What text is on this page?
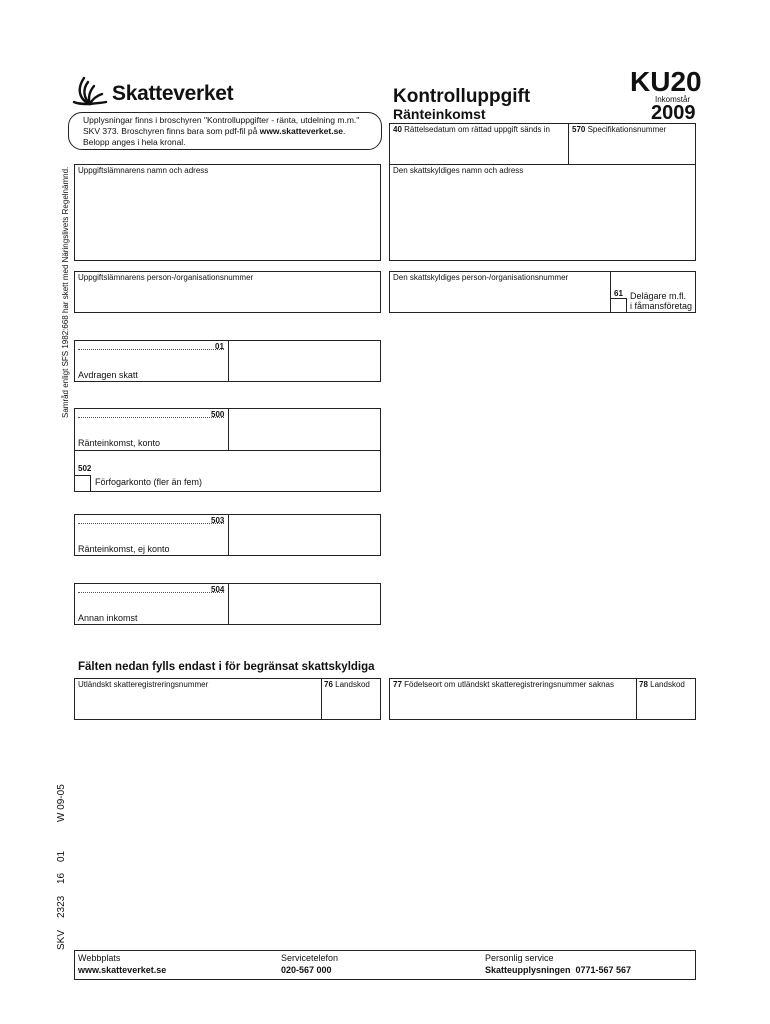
Skatteverket
Upplysningar finns i broschyren "Kontrolluppgifter - ränta, utdelning m.m."
SKV 373. Broschyren finns bara som pdf-fil på www.skatteverket.se.
Belopp anges i hela kronal.
Kontrolluppgift
Ränteinkomst
KU20
Inkomstår
2009
Samråd enligt SFS 1982:668 har skett med Näringslivets Regelnämnd.
40 Rättelsedatum om rättad uppgift sänds in	570 Specifikationsnummer
Uppgiftslämnarens namn och adress	Den skattskyldiges namn och adress
Uppgiftslämnarens person-/organisationsnummer	Den skattskyldiges person-/organisationsnummer
61 Delägare m.fl.
i fåmansföretag
01
Avdragen skatt
500
Ränteinkomst, konto
502
Förfogarkonto (fler än fem)
503
Ränteinkomst, ej konto
504
Annan inkomst
Fälten nedan fylls endast i för begränsat skattskyldiga
Utländskt skatteregistreringsnummer	76 Landskod	77 Födelseort om utländskt skatteregistreringsnummer saknas	78 Landskod
W 09-05
01
16
2323
SKV
Webbplats
www.skatteverket.se
Servicetelefon
020-567 000
Personlig service
Skatteupplysningen  0771-567 567
